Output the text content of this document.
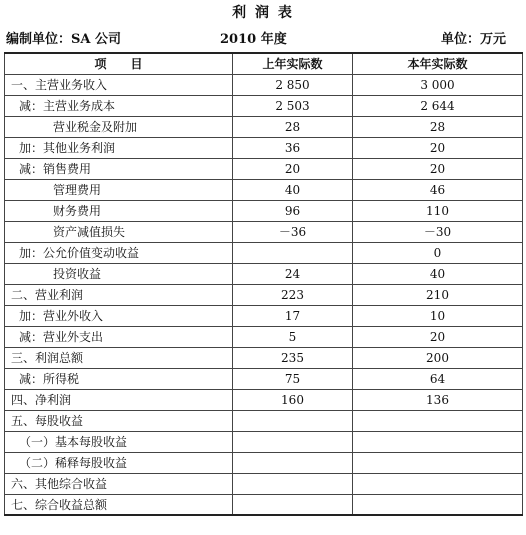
利 润 表
编制单位：SA 公司	2010 年度	单位：万元
项　　目	上年实际数	本年实际数
一、主营业务收入	2 850	3 000
减：主营业务成本	2 503	2 644
营业税金及附加	28	28
加：其他业务利润	36	20
减：销售费用	20	20
管理费用	40	46
财务费用	96	110
资产减值损失	－36	－30
加：公允价值变动收益		0
投资收益	24	40
二、营业利润	223	210
加：营业外收入	17	10
减：营业外支出	5	20
三、利润总额	235	200
减：所得税	75	64
四、净利润	160	136
五、每股收益		
（一）基本每股收益		
（二）稀释每股收益		
六、其他综合收益		
七、综合收益总额		
